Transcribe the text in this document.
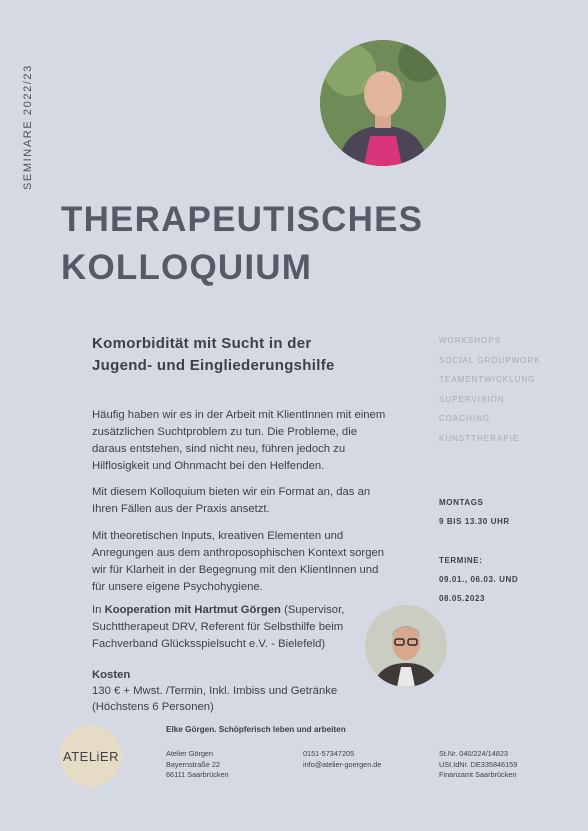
SEMINARE 2022/23
THERAPEUTISCHES
KOLLOQUIUM
Komorbidität mit Sucht in der
Jugend- und Eingliederungshilfe
Häufig haben wir es in der Arbeit mit KlientInnen mit einem zusätzlichen Suchtproblem zu tun. Die Probleme, die daraus entstehen, sind nicht neu, führen jedoch zu Hilflosigkeit und Ohnmacht bei den Helfenden.
Mit diesem Kolloquium bieten wir ein Format an, das an Ihren Fällen aus der Praxis ansetzt.
Mit theoretischen Inputs, kreativen Elementen und Anregungen aus dem anthroposophischen Kontext sorgen wir für Klarheit in der Begegnung mit den KlientInnen und für unsere eigene Psychohygiene.
In Kooperation mit Hartmut Görgen (Supervisor, Suchttherapeut DRV, Referent für Selbsthilfe beim Fachverband Glücksspielsucht e.V. - Bielefeld)
Kosten
130 € + Mwst. /Termin, Inkl. Imbiss und Getränke
(Höchstens 6 Personen)
WORKSHOPS
SOCIAL GROUPWORK
TEAMENTWICKLUNG
SUPERVISION
COACHING
KUNSTTHERAPIE
MONTAGS
9 BIS 13.30 UHR
TERMINE:
09.01., 06.03. UND
08.05.2023
ATELiER
Elke Görgen. Schöpferisch leben und arbeiten
Atelier Görgen
Bayernstraße 22
66111 Saarbrücken
0151-57347205
info@atelier-goergen.de
St.Nr. 040/224/14823
USt.IdNr. DE335846159
Finanzamt Saarbrücken
